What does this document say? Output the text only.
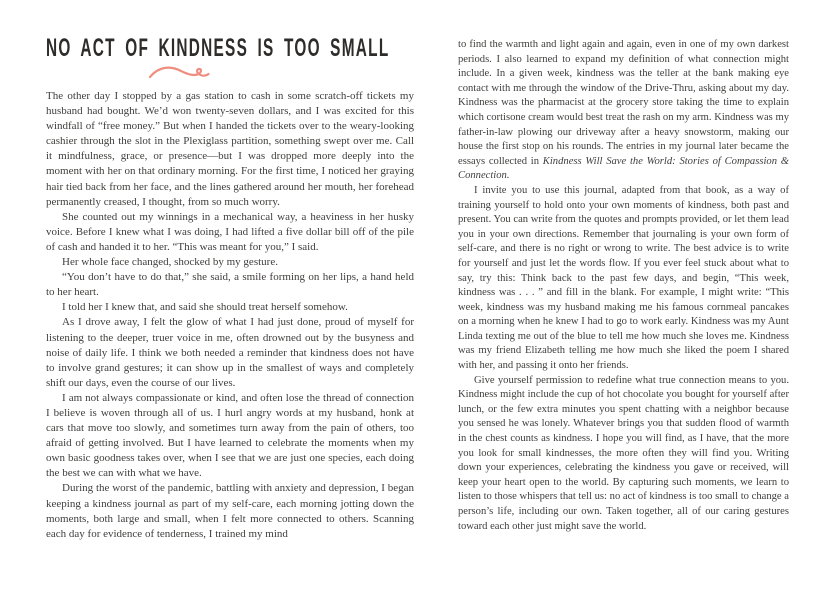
NO ACT OF KINDNESS IS TOO SMALL

The other day I stopped by a gas station to cash in some scratch-off tickets my husband had bought. We’d won twenty-seven dollars, and I was excited for this windfall of “free money.” But when I handed the tickets over to the weary-looking cashier through the slot in the Plexiglass partition, something swept over me. Call it mindfulness, grace, or presence—but I was dropped more deeply into the moment with her on that ordinary morning. For the first time, I noticed her graying hair tied back from her face, and the lines gathered around her mouth, her forehead permanently creased, I thought, from so much worry.

She counted out my winnings in a mechanical way, a heaviness in her husky voice. Before I knew what I was doing, I had lifted a five dollar bill off of the pile of cash and handed it to her. “This was meant for you,” I said.

Her whole face changed, shocked by my gesture.

“You don’t have to do that,” she said, a smile forming on her lips, a hand held to her heart.

I told her I knew that, and said she should treat herself somehow.

As I drove away, I felt the glow of what I had just done, proud of myself for listening to the deeper, truer voice in me, often drowned out by the busyness and noise of daily life. I think we both needed a reminder that kindness does not have to involve grand gestures; it can show up in the smallest of ways and completely shift our days, even the course of our lives.

I am not always compassionate or kind, and often lose the thread of connection I believe is woven through all of us. I hurl angry words at my husband, honk at cars that move too slowly, and sometimes turn away from the pain of others, too afraid of getting involved. But I have learned to celebrate the moments when my own basic goodness takes over, when I see that we are just one species, each doing the best we can with what we have.

During the worst of the pandemic, battling with anxiety and depression, I began keeping a kindness journal as part of my self-care, each morning jotting down the moments, both large and small, when I felt more connected to others. Scanning each day for evidence of tenderness, I trained my mind

to find the warmth and light again and again, even in one of my own darkest periods. I also learned to expand my definition of what connection might include. In a given week, kindness was the teller at the bank making eye contact with me through the window of the Drive-Thru, asking about my day. Kindness was the pharmacist at the grocery store taking the time to explain which cortisone cream would best treat the rash on my arm. Kindness was my father-in-law plowing our driveway after a heavy snowstorm, making our house the first stop on his rounds. The entries in my journal later became the essays collected in Kindness Will Save the World: Stories of Compassion & Connection.

I invite you to use this journal, adapted from that book, as a way of training yourself to hold onto your own moments of kindness, both past and present. You can write from the quotes and prompts provided, or let them lead you in your own directions. Remember that journaling is your own form of self-care, and there is no right or wrong to write. The best advice is to write for yourself and just let the words flow. If you ever feel stuck about what to say, try this: Think back to the past few days, and begin, “This week, kindness was . . . ” and fill in the blank. For example, I might write: “This week, kindness was my husband making me his famous cornmeal pancakes on a morning when he knew I had to go to work early. Kindness was my Aunt Linda texting me out of the blue to tell me how much she loves me. Kindness was my friend Elizabeth telling me how much she liked the poem I shared with her, and passing it onto her friends.

Give yourself permission to redefine what true connection means to you. Kindness might include the cup of hot chocolate you bought for yourself after lunch, or the few extra minutes you spent chatting with a neighbor because you sensed he was lonely. Whatever brings you that sudden flood of warmth in the chest counts as kindness. I hope you will find, as I have, that the more you look for small kindnesses, the more often they will find you. Writing down your experiences, celebrating the kindness you gave or received, will keep your heart open to the world. By capturing such moments, we learn to listen to those whispers that tell us: no act of kindness is too small to change a person’s life, including our own. Taken together, all of our caring gestures toward each other just might save the world.
